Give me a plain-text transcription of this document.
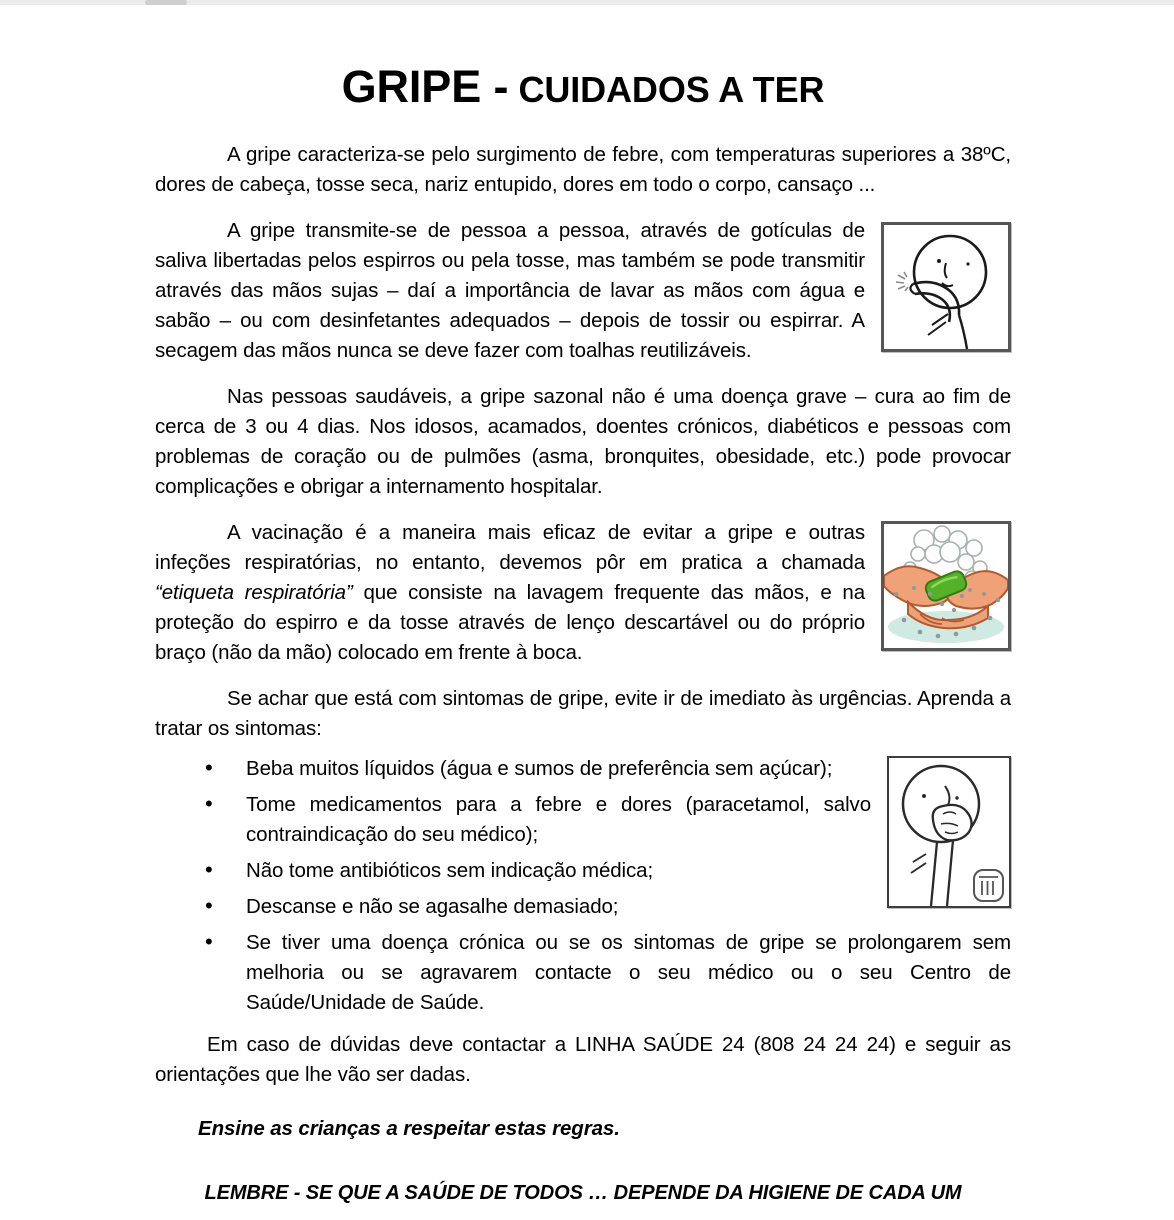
GRIPE - CUIDADOS A TER

A gripe caracteriza-se pelo surgimento de febre, com temperaturas superiores a 38ºC, dores de cabeça, tosse seca, nariz entupido, dores em todo o corpo, cansaço ...

A gripe transmite-se de pessoa a pessoa, através de gotículas de saliva libertadas pelos espirros ou pela tosse, mas também se pode transmitir através das mãos sujas – daí a importância de lavar as mãos com água e sabão – ou com desinfetantes adequados – depois de tossir ou espirrar. A secagem das mãos nunca se deve fazer com toalhas reutilizáveis.

Nas pessoas saudáveis, a gripe sazonal não é uma doença grave – cura ao fim de cerca de 3 ou 4 dias. Nos idosos, acamados, doentes crónicos, diabéticos e pessoas com problemas de coração ou de pulmões (asma, bronquites, obesidade, etc.) pode provocar complicações e obrigar a internamento hospitalar.

A vacinação é a maneira mais eficaz de evitar a gripe e outras infeções respiratórias, no entanto, devemos pôr em pratica a chamada “etiqueta respiratória” que consiste na lavagem frequente das mãos, e na proteção do espirro e da tosse através de lenço descartável ou do próprio braço (não da mão) colocado em frente à boca.

Se achar que está com sintomas de gripe, evite ir de imediato às urgências. Aprenda a tratar os sintomas:

• Beba muitos líquidos (água e sumos de preferência sem açúcar);
• Tome medicamentos para a febre e dores (paracetamol, salvo contraindicação do seu médico);
• Não tome antibióticos sem indicação médica;
• Descanse e não se agasalhe demasiado;
• Se tiver uma doença crónica ou se os sintomas de gripe se prolongarem sem melhoria ou se agravarem contacte o seu médico ou o seu Centro de Saúde/Unidade de Saúde.

Em caso de dúvidas deve contactar a LINHA SAÚDE 24 (808 24 24 24) e seguir as orientações que lhe vão ser dadas.

Ensine as crianças a respeitar estas regras.

LEMBRE - SE QUE A SAÚDE DE TODOS … DEPENDE DA HIGIENE DE CADA UM
